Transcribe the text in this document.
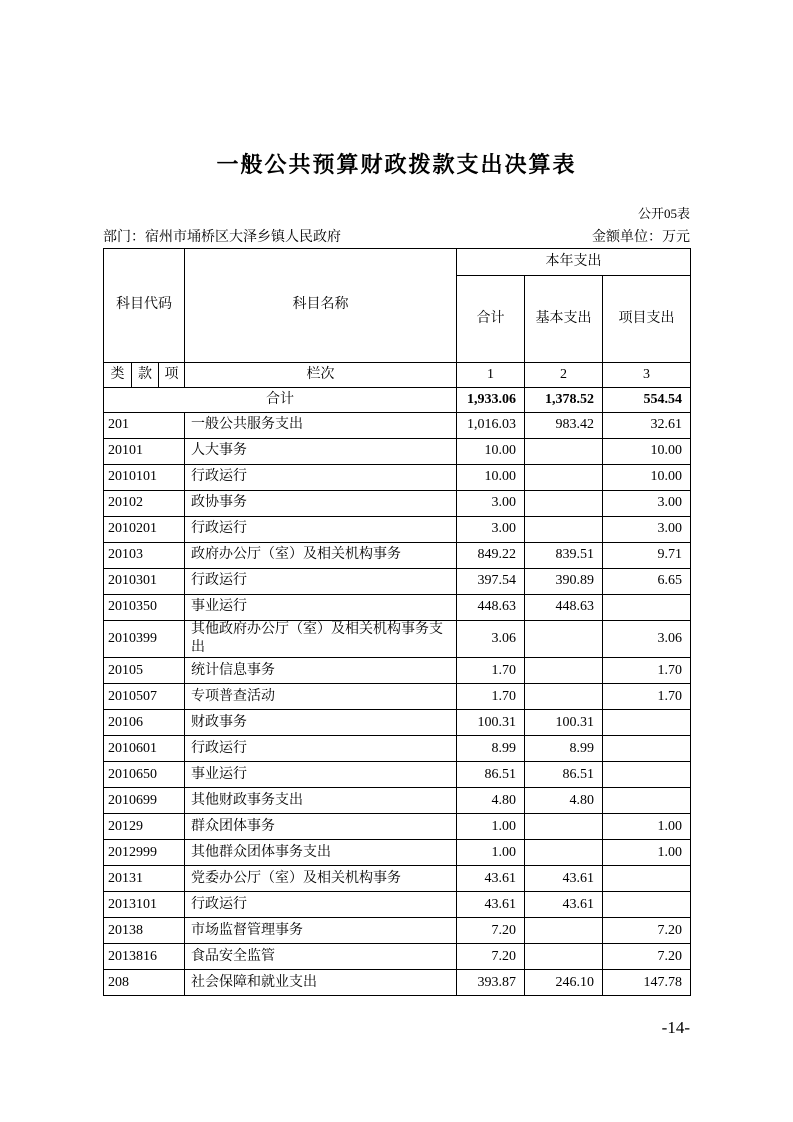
一般公共预算财政拨款支出决算表
公开05表
部门：宿州市埇桥区大泽乡镇人民政府	金额单位：万元
科目代码			科目名称	本年支出		
				合计	基本支出	项目支出
类	款	项	栏次	1	2	3
合计				1,933.06	1,378.52	554.54
201			一般公共服务支出	1,016.03	983.42	32.61
20101			人大事务	10.00		10.00
2010101			行政运行	10.00		10.00
20102			政协事务	3.00		3.00
2010201			行政运行	3.00		3.00
20103			政府办公厅（室）及相关机构事务	849.22	839.51	9.71
2010301			行政运行	397.54	390.89	6.65
2010350			事业运行	448.63	448.63	
2010399			其他政府办公厅（室）及相关机构事务支出	3.06		3.06
20105			统计信息事务	1.70		1.70
2010507			专项普查活动	1.70		1.70
20106			财政事务	100.31	100.31	
2010601			行政运行	8.99	8.99	
2010650			事业运行	86.51	86.51	
2010699			其他财政事务支出	4.80	4.80	
20129			群众团体事务	1.00		1.00
2012999			其他群众团体事务支出	1.00		1.00
20131			党委办公厅（室）及相关机构事务	43.61	43.61	
2013101			行政运行	43.61	43.61	
20138			市场监督管理事务	7.20		7.20
2013816			食品安全监管	7.20		7.20
208			社会保障和就业支出	393.87	246.10	147.78
-14-
